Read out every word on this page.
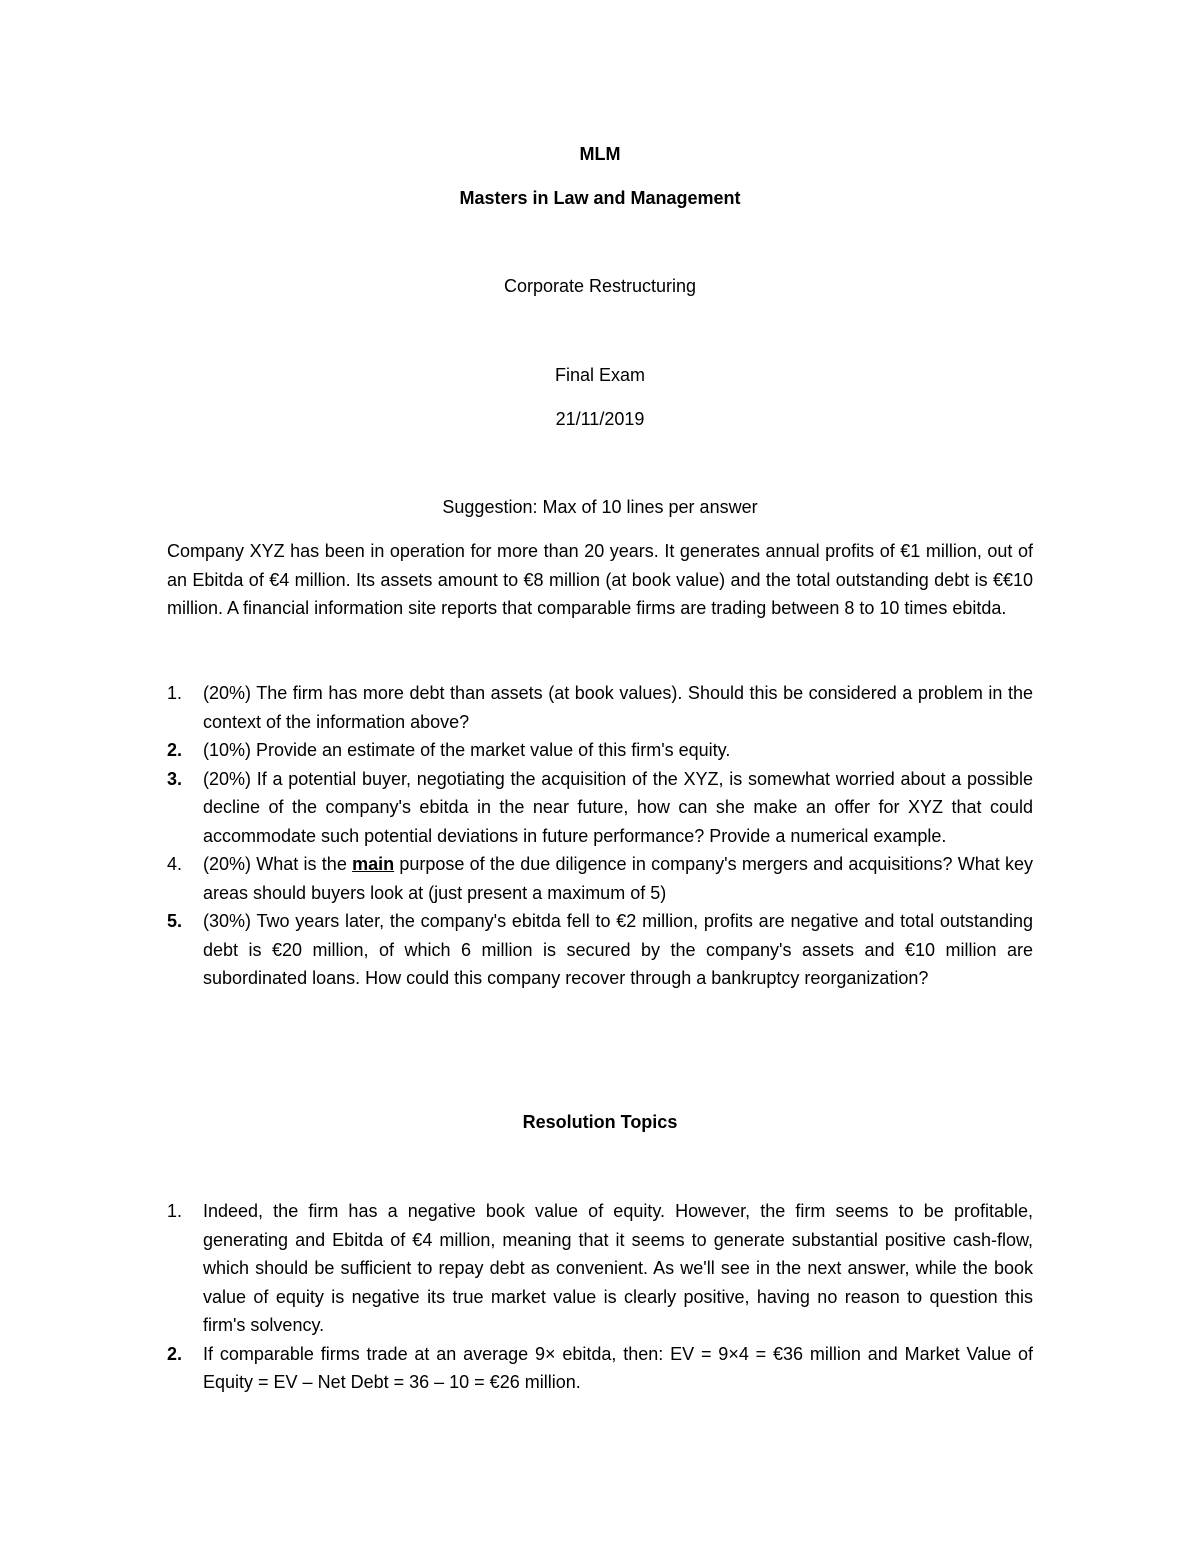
MLM
Masters in Law and Management
Corporate Restructuring
Final Exam
21/11/2019
Suggestion: Max of 10 lines per answer
Company XYZ has been in operation for more than 20 years. It generates annual profits of €1 million, out of an Ebitda of €4 million. Its assets amount to €8 million (at book value) and the total outstanding debt is €€10 million. A financial information site reports that comparable firms are trading between 8 to 10 times ebitda.
1. (20%) The firm has more debt than assets (at book values). Should this be considered a problem in the context of the information above?
2. (10%) Provide an estimate of the market value of this firm's equity.
3. (20%) If a potential buyer, negotiating the acquisition of the XYZ, is somewhat worried about a possible decline of the company's ebitda in the near future, how can she make an offer for XYZ that could accommodate such potential deviations in future performance? Provide a numerical example.
4. (20%) What is the main purpose of the due diligence in company's mergers and acquisitions? What key areas should buyers look at (just present a maximum of 5)
5. (30%) Two years later, the company's ebitda fell to €2 million, profits are negative and total outstanding debt is €20 million, of which 6 million is secured by the company's assets and €10 million are subordinated loans. How could this company recover through a bankruptcy reorganization?
Resolution Topics
1. Indeed, the firm has a negative book value of equity. However, the firm seems to be profitable, generating and Ebitda of €4 million, meaning that it seems to generate substantial positive cash-flow, which should be sufficient to repay debt as convenient. As we'll see in the next answer, while the book value of equity is negative its true market value is clearly positive, having no reason to question this firm's solvency.
2. If comparable firms trade at an average 9× ebitda, then: EV = 9×4 = €36 million and Market Value of Equity = EV – Net Debt = 36 – 10 = €26 million.
